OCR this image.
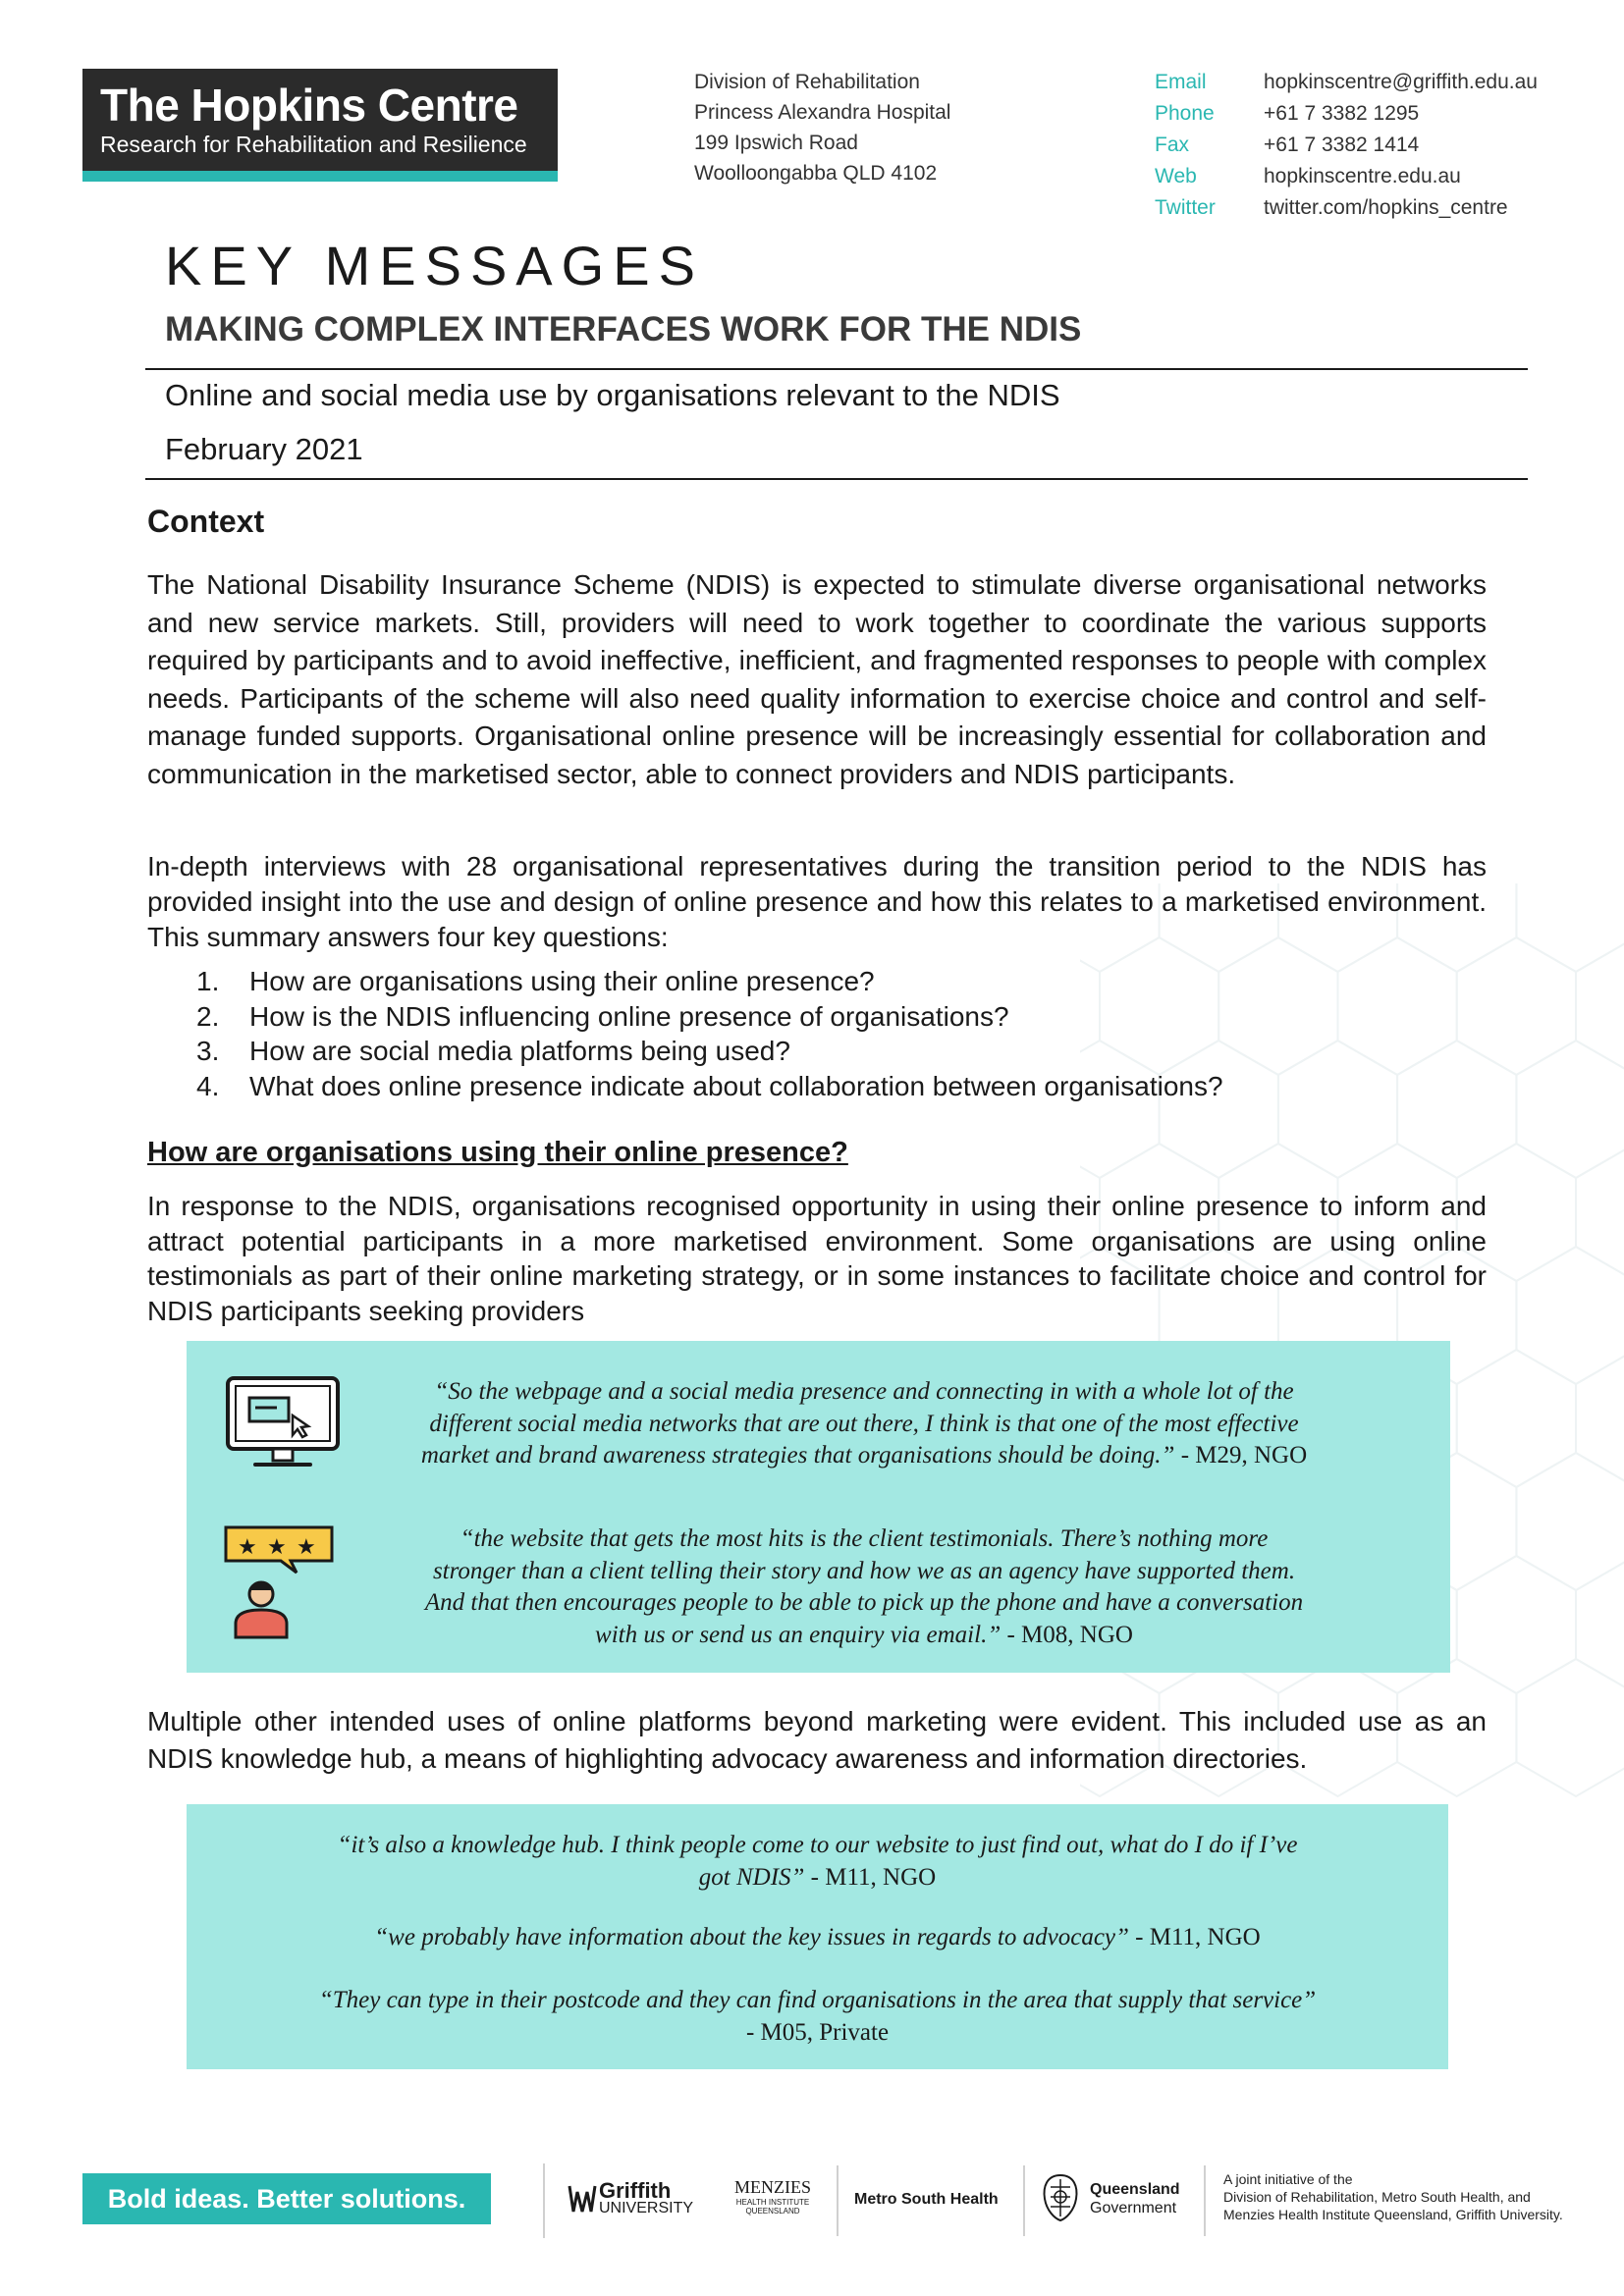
The Hopkins Centre
Research for Rehabilitation and Resilience
Division of Rehabilitation
Princess Alexandra Hospital
199 Ipswich Road
Woolloongabba QLD 4102
Email	hopkinscentre@griffith.edu.au
Phone +61 7 3382 1295
Fax	+61 7 3382 1414
Web	hopkinscentre.edu.au
Twitter twitter.com/hopkins_centre
KEY MESSAGES
MAKING COMPLEX INTERFACES WORK FOR THE NDIS
Online and social media use by organisations relevant to the NDIS
February 2021
Context
The National Disability Insurance Scheme (NDIS) is expected to stimulate diverse organisational networks and new service markets. Still, providers will need to work together to coordinate the various supports required by participants and to avoid ineffective, inefficient, and fragmented responses to people with complex needs. Participants of the scheme will also need quality information to exercise choice and control and self-manage funded supports. Organisational online presence will be increasingly essential for collaboration and communication in the marketised sector, able to connect providers and NDIS participants.
In-depth interviews with 28 organisational representatives during the transition period to the NDIS has provided insight into the use and design of online presence and how this relates to a marketised environment. This summary answers four key questions:
1. How are organisations using their online presence?
2. How is the NDIS influencing online presence of organisations?
3. How are social media platforms being used?
4. What does online presence indicate about collaboration between organisations?
How are organisations using their online presence?
In response to the NDIS, organisations recognised opportunity in using their online presence to inform and attract potential participants in a more marketised environment. Some organisations are using online testimonials as part of their online marketing strategy, or in some instances to facilitate choice and control for NDIS participants seeking providers
★ ★ ★
“So the webpage and a social media presence and connecting in with a whole lot of the
different social media networks that are out there, I think is that one of the most effective
market and brand awareness strategies that organisations should be doing.” - M29, NGO
“the website that gets the most hits is the client testimonials. There’s nothing more
stronger than a client telling their story and how we as an agency have supported them.
And that then encourages people to be able to pick up the phone and have a conversation
with us or send us an enquiry via email.” - M08, NGO
Multiple other intended uses of online platforms beyond marketing were evident. This included use as an NDIS knowledge hub, a means of highlighting advocacy awareness and information directories.
“it’s also a knowledge hub. I think people come to our website to just find out, what do I do if I’ve
got NDIS” - M11, NGO
“we probably have information about the key issues in regards to advocacy” - M11, NGO
“They can type in their postcode and they can find organisations in the area that supply that service”
- M05, Private
Bold ideas. Better solutions.	Griffith
UNIVERSITY
MENZIES
HEALTH INSTITUTE
QUEENSLAND
Metro South Health
Queensland
Government
A joint initiative of the
Division of Rehabilitation, Metro South Health, and
Menzies Health Institute Queensland, Griffith University.
